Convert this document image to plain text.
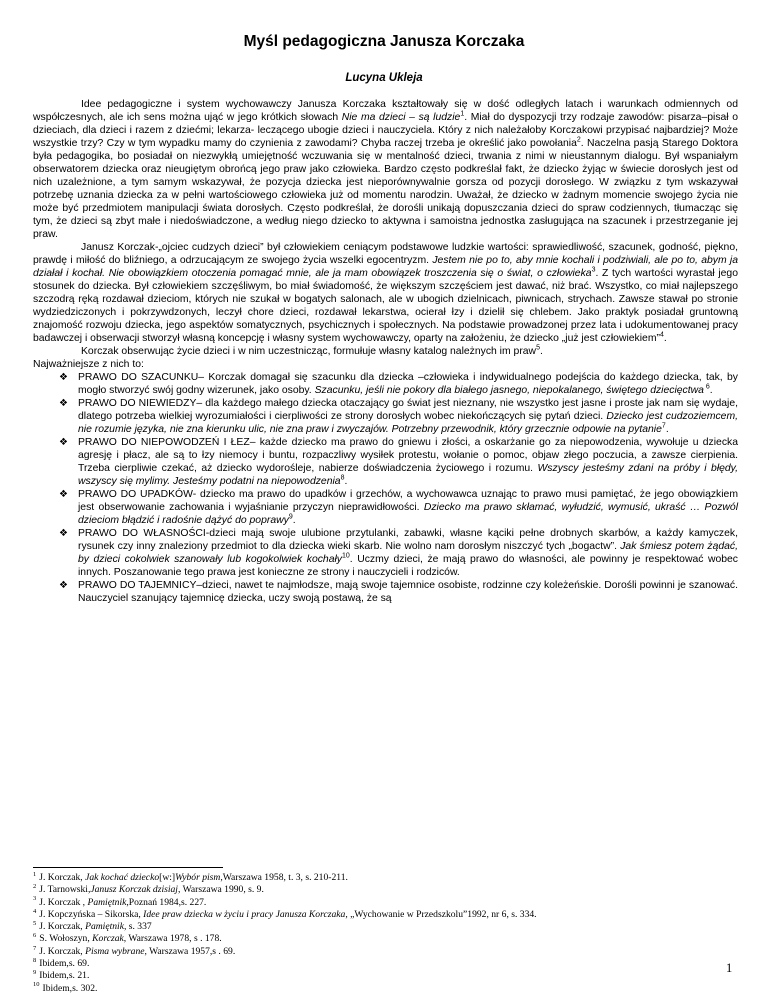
Myśl pedagogiczna Janusza Korczaka
Lucyna Ukleja

Idee pedagogiczne i system wychowawczy Janusza Korczaka kształtowały się w dość odległych latach i warunkach odmiennych od współczesnych, ale ich sens można ująć w jego krótkich słowach Nie ma dzieci – są ludzie$^1$. Miał do dyspozycji trzy rodzaje zawodów: pisarza–pisał o dzieciach, dla dzieci i razem z dziećmi; lekarza- leczącego ubogie dzieci i nauczyciela. Który z nich należałoby Korczakowi przypisać najbardziej? Może wszystkie trzy? Czy w tym wypadku mamy do czynienia z zawodami? Chyba raczej trzeba je określić jako powołania$^2$. Naczelna pasją Starego Doktora była pedagogika, bo posiadał on niezwykłą umiejętność wczuwania się w mentalność dzieci, trwania z nimi w nieustannym dialogu. Był wspaniałym obserwatorem dziecka oraz nieugiętym obrońcą jego praw jako człowieka. Bardzo często podkreślał fakt, że dziecko żyjąc w świecie dorosłych jest od nich uzależnione, a tym samym wskazywał, że pozycja dziecka jest nieporównywalnie gorsza od pozycji dorosłego. W związku z tym wskazywał potrzebę uznania dziecka za w pełni wartościowego człowieka już od momentu narodzin. Uważał, że dziecko w żadnym momencie swojego życia nie może być przedmiotem manipulacji świata dorosłych. Często podkreślał, że dorośli unikają dopuszczania dzieci do spraw codziennych, tłumacząc się tym, że dzieci są zbyt małe i niedoświadczone, a według niego dziecko to aktywna i samoistna jednostka zasługująca na szacunek i przestrzeganie jej praw.

Janusz Korczak-„ojciec cudzych dzieci” był człowiekiem ceniącym podstawowe ludzkie wartości: sprawiedliwość, szacunek, godność, piękno, prawdę i miłość do bliźniego, a odrzucającym ze swojego życia wszelki egocentryzm. Jestem nie po to, aby mnie kochali i podziwiali, ale po to, abym ja działał i kochał. Nie obowiązkiem otoczenia pomagać mnie, ale ja mam obowiązek troszczenia się o świat, o człowieka$^3$. Z tych wartości wyrastał jego stosunek do dziecka. Był człowiekiem szczęśliwym, bo miał świadomość, że większym szczęściem jest dawać, niż brać. Wszystko, co miał najlepszego szczodrą ręką rozdawał dzieciom, których nie szukał w bogatych salonach, ale w ubogich dzielnicach, piwnicach, strychach. Zawsze stawał po stronie wydziedziczonych i pokrzywdzonych, leczył chore dzieci, rozdawał lekarstwa, ocierał łzy i dzielił się chlebem. Jako praktyk posiadał gruntowną znajomość rozwoju dziecka, jego aspektów somatycznych, psychicznych i społecznych. Na podstawie prowadzonej przez lata i udokumentowanej pracy badawczej i obserwacji stworzył własną koncepcję i własny system wychowawczy, oparty na założeniu, że dziecko „już jest człowiekiem”$^4$.

Korczak obserwując życie dzieci i w nim uczestnicząc, formułuje własny katalog należnych im praw$^5$.

Najważniejsze z nich to:

❖ PRAWO DO SZACUNKU– Korczak domagał się szacunku dla dziecka –człowieka i indywidualnego podejścia do każdego dziecka, tak, by mogło stworzyć swój godny wizerunek, jako osoby. Szacunku, jeśli nie pokory dla białego jasnego, niepokalanego, świętego dziecięctwa $^6$.
❖ PRAWO DO NIEWIEDZY– dla każdego małego dziecka otaczający go świat jest nieznany, nie wszystko jest jasne i proste jak nam się wydaje, dlatego potrzeba wielkiej wyrozumiałości i cierpliwości ze strony dorosłych wobec niekończących się pytań dzieci. Dziecko jest cudzoziemcem, nie rozumie języka, nie zna kierunku ulic, nie zna praw i zwyczajów. Potrzebny przewodnik, który grzecznie odpowie na pytanie$^7$.
❖ PRAWO DO NIEPOWODZEŃ I ŁEZ– każde dziecko ma prawo do gniewu i złości, a oskarżanie go za niepowodzenia, wywołuje u dziecka agresję i płacz, ale są to łzy niemocy i buntu, rozpaczliwy wysiłek protestu, wołanie o pomoc, objaw złego poczucia, a zawsze cierpienia. Trzeba cierpliwie czekać, aż dziecko wydorośleje, nabierze doświadczenia życiowego i rozumu. Wszyscy jesteśmy zdani na próby i błędy, wszyscy się mylimy. Jesteśmy podatni na niepowodzenia$^8$.
❖ PRAWO DO UPADKÓW- dziecko ma prawo do upadków i grzechów, a wychowawca uznając to prawo musi pamiętać, że jego obowiązkiem jest obserwowanie zachowania i wyjaśnianie przyczyn nieprawidłowości. Dziecko ma prawo skłamać, wyłudzić, wymusić, ukraść … Pozwól dzieciom błądzić i radośnie dążyć do poprawy$^9$.
❖ PRAWO DO WŁASNOŚCI-dzieci mają swoje ulubione przytulanki, zabawki, własne kąciki pełne drobnych skarbów, a każdy kamyczek, rysunek czy inny znaleziony przedmiot to dla dziecka wieki skarb. Nie wolno nam dorosłym niszczyć tych „bogactw”. Jak śmiesz potem żądać, by dzieci cokolwiek szanowały lub kogokolwiek kochały$^{10}$. Uczmy dzieci, że mają prawo do własności, ale powinny je respektować wobec innych. Poszanowanie tego prawa jest konieczne ze strony i nauczycieli i rodziców.
❖ PRAWO DO TAJEMNICY–dzieci, nawet te najmłodsze, mają swoje tajemnice osobiste, rodzinne czy koleżeńskie. Dorośli powinni je szanować. Nauczyciel szanujący tajemnicę dziecka, uczy swoją postawą, że są
$^1$ J. Korczak, Jak kochać dziecko[w:]Wybór pism,Warszawa 1958, t. 3, s. 210-211.
$^2$ J. Tarnowski,Janusz Korczak dzisiaj, Warszawa 1990, s. 9.
$^3$ J. Korczak , Pamiętnik,Poznań 1984,s. 227.
$^4$ J. Kopczyńska – Sikorska, Idee praw dziecka w życiu i pracy Janusza Korczaka, „Wychowanie w Przedszkolu”1992, nr 6, s. 334.
$^5$ J. Korczak, Pamiętnik, s. 337
$^6$ S. Wołoszyn, Korczak, Warszawa 1978, s . 178.
$^7$ J. Korczak, Pisma wybrane, Warszawa 1957,s . 69.
$^8$ Ibidem,s. 69.
$^9$ Ibidem,s. 21.
$^{10}$ Ibidem,s. 302.
1
